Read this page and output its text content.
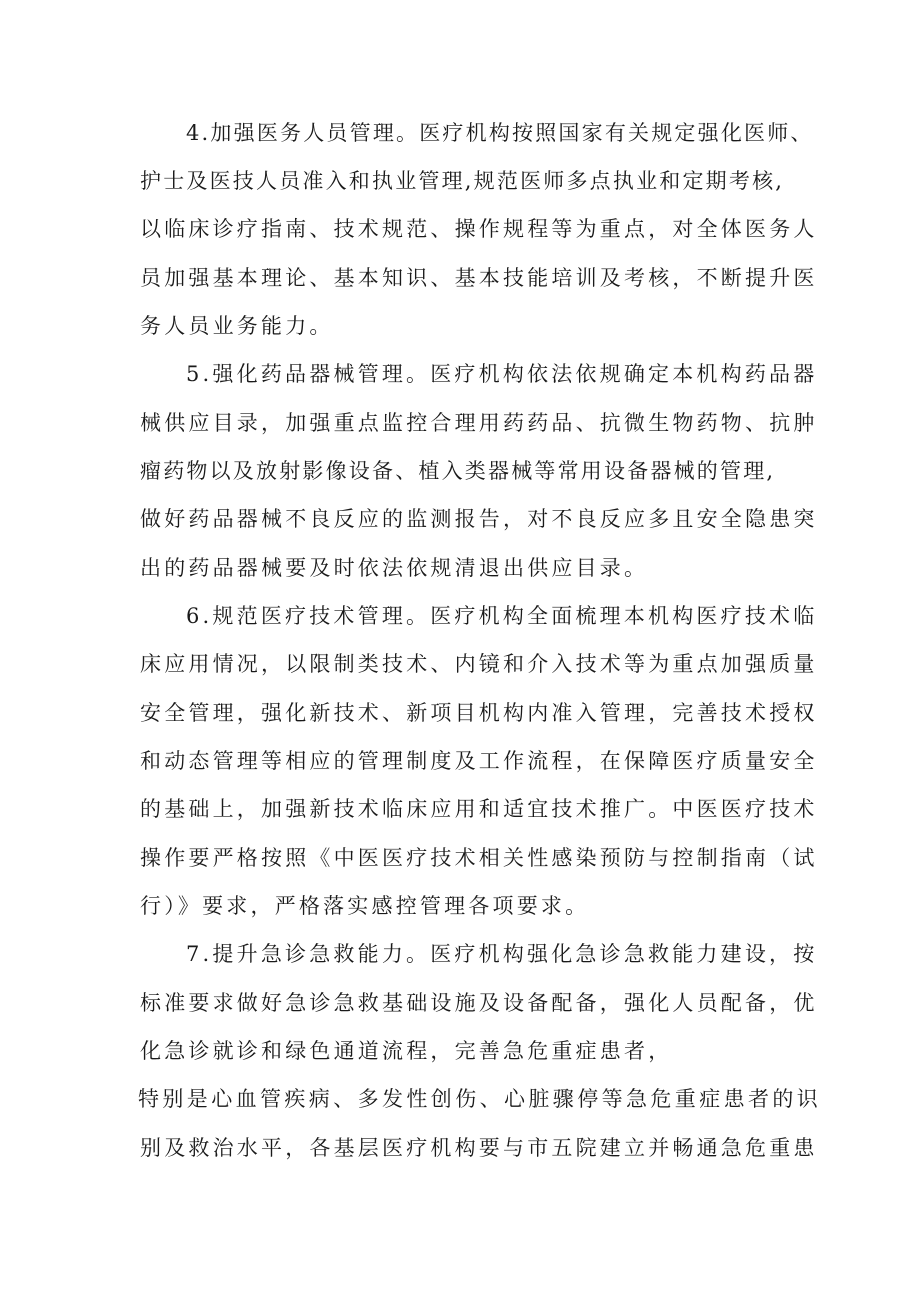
4.加强医务人员管理。医疗机构按照国家有关规定强化医师、

护士及医技人员准入和执业管理,规范医师多点执业和定期考核,

以临床诊疗指南、技术规范、操作规程等为重点，对全体医务人

员加强基本理论、基本知识、基本技能培训及考核，不断提升医

务人员业务能力。

5.强化药品器械管理。医疗机构依法依规确定本机构药品器

械供应目录，加强重点监控合理用药药品、抗微生物药物、抗肿

瘤药物以及放射影像设备、植入类器械等常用设备器械的管理,

做好药品器械不良反应的监测报告，对不良反应多且安全隐患突

出的药品器械要及时依法依规清退出供应目录。

6.规范医疗技术管理。医疗机构全面梳理本机构医疗技术临

床应用情况，以限制类技术、内镜和介入技术等为重点加强质量

安全管理，强化新技术、新项目机构内准入管理，完善技术授权

和动态管理等相应的管理制度及工作流程，在保障医疗质量安全

的基础上，加强新技术临床应用和适宜技术推广。中医医疗技术

操作要严格按照《中医医疗技术相关性感染预防与控制指南（试

行）》要求，严格落实感控管理各项要求。

7.提升急诊急救能力。医疗机构强化急诊急救能力建设，按

标准要求做好急诊急救基础设施及设备配备，强化人员配备，优

化急诊就诊和绿色通道流程，完善急危重症患者，

特别是心血管疾病、多发性创伤、心脏骤停等急危重症患者的识

别及救治水平，各基层医疗机构要与市五院建立并畅通急危重患
